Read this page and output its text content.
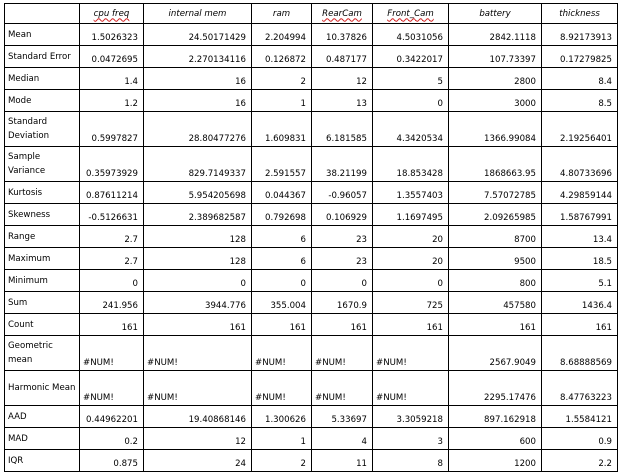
	cpu freq	internal mem	ram	RearCam	Front_Cam	battery	thickness
Mean	1.5026323	24.50171429	2.204994	10.37826	4.5031056	2842.1118	8.92173913
Standard Error	0.0472695	2.270134116	0.126872	0.487177	0.3422017	107.73397	0.17279825
Median	1.4	16	2	12	5	2800	8.4
Mode	1.2	16	1	13	0	3000	8.5
Standard Deviation	0.5997827	28.80477276	1.609831	6.181585	4.3420534	1366.99084	2.19256401
Sample Variance	0.35973929	829.7149337	2.591557	38.21199	18.853428	1868663.95	4.80733696
Kurtosis	0.87611214	5.954205698	0.044367	-0.96057	1.3557403	7.57072785	4.29859144
Skewness	-0.5126631	2.389682587	0.792698	0.106929	1.1697495	2.09265985	1.58767991
Range	2.7	128	6	23	20	8700	13.4
Maximum	2.7	128	6	23	20	9500	18.5
Minimum	0	0	0	0	0	800	5.1
Sum	241.956	3944.776	355.004	1670.9	725	457580	1436.4
Count	161	161	161	161	161	161	161
Geometric mean	#NUM!	#NUM!	#NUM!	#NUM!	#NUM!	2567.9049	8.68888569
Harmonic Mean	#NUM!	#NUM!	#NUM!	#NUM!	#NUM!	2295.17476	8.47763223
AAD	0.44962201	19.40868146	1.300626	5.33697	3.3059218	897.162918	1.5584121
MAD	0.2	12	1	4	3	600	0.9
IQR	0.875	24	2	11	8	1200	2.2
